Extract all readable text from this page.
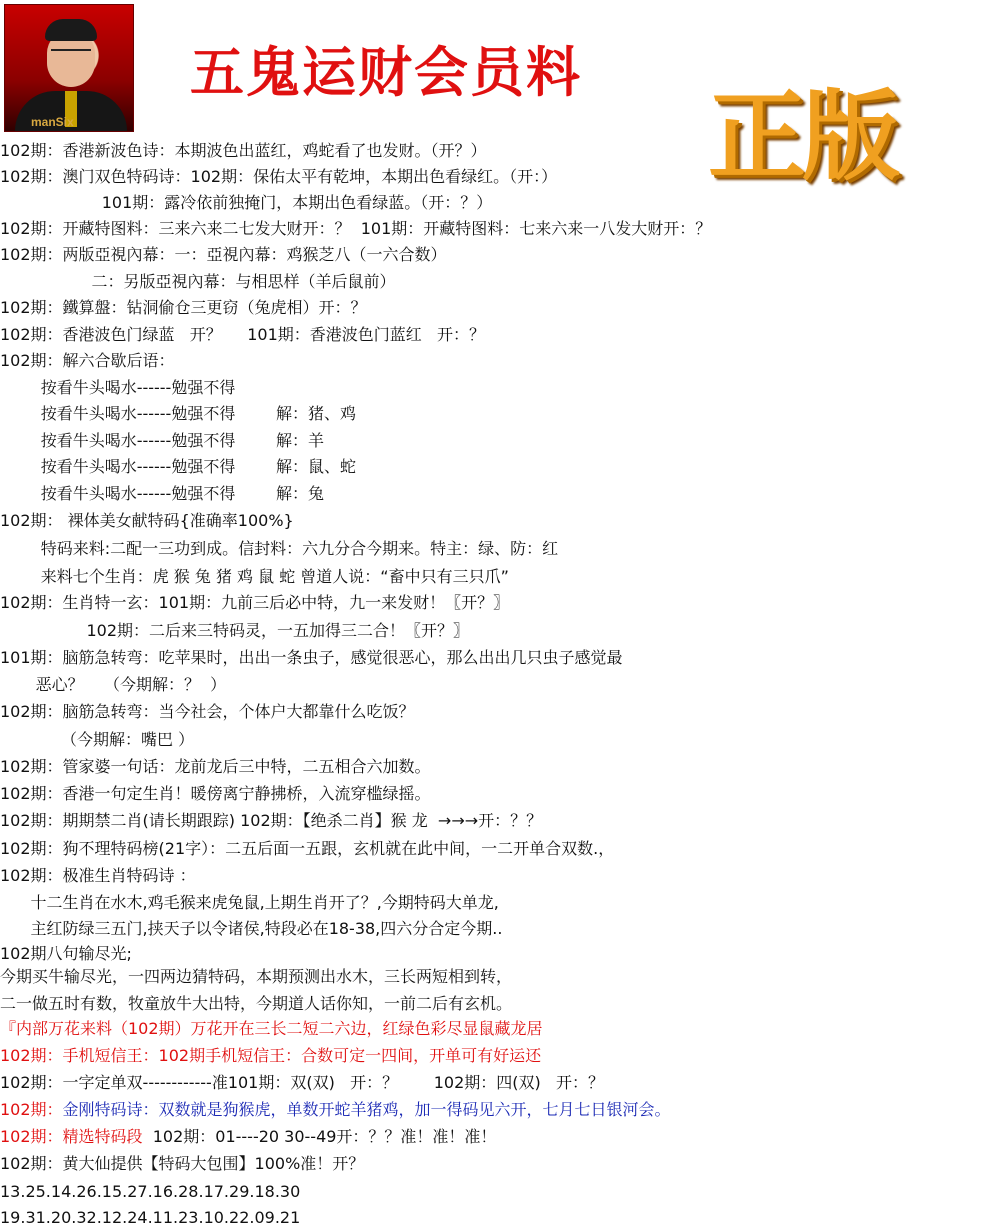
manSix
五鬼运财会员料
正版
102期：香港新波色诗：本期波色出蓝红，鸡蛇看了也发财。（开？）
102期：澳门双色特码诗：102期：保佑太平有乾坤，本期出色看绿红。（开：）
101期：露冷依前独掩门，本期出色看绿蓝。（开：？）
102期：开藏特图料：三来六来二七发大财开：？  101期：开藏特图料：七来六来一八发大财开：？
102期：两版亞視內幕：一：亞視內幕：鸡猴芝八（一六合数）
二：另版亞視內幕：与相思样（羊后鼠前）
102期：鐵算盤：钻洞偷仓三更窃（兔虎相）开：？
102期：香港波色门绿蓝   开？     101期：香港波色门蓝红   开：？
102期：解六合歇后语：
按看牛头喝水------勉强不得
按看牛头喝水------勉强不得        解：猪、鸡
按看牛头喝水------勉强不得        解：羊
按看牛头喝水------勉强不得        解：鼠、蛇
按看牛头喝水------勉强不得        解：兔
102期： 裸体美女献特码{准确率100%}
特码来料:二配一三功到成。信封料：六九分合今期来。特主：绿、防：红
来料七个生肖：虎 猴 兔 猪 鸡 鼠 蛇 曾道人说：“畜中只有三只爪”
102期：生肖特一玄：101期：九前三后必中特，九一来发财！〖开？〗
102期：二后来三特码灵，一五加得三二合！〖开？〗
101期：脑筋急转弯：吃苹果时，出出一条虫子，感觉很恶心，那么出出几只虫子感觉最
恶心？    （今期解：？  ）
102期：脑筋急转弯：当今社会，个体户大都靠什么吃饭？
（今期解：嘴巴 ）
102期：管家婆一句话：龙前龙后三中特，二五相合六加数。
102期：香港一句定生肖！暖傍离宁静拂桥，入流穿槛绿摇。
102期：期期禁二肖(请长期跟踪) 102期：【绝杀二肖】猴 龙  →→→开：？？
102期：狗不理特码榜(21字）：二五后面一五跟，玄机就在此中间，一二开单合双数.，
102期：极准生肖特码诗 ：
十二生肖在水木,鸡毛猴来虎兔鼠,上期生肖开了？,今期特码大单龙,
主红防绿三五门,挟天子以令诸侯,特段必在18-38,四六分合定今期..
102期八句输尽光;
今期买牛输尽光，一四两边猜特码，本期预测出水木，三长两短相到转，
二一做五时有数，牧童放牛大出特，今期道人话你知，一前二后有玄机。
『内部万花来料（102期）万花开在三长二短二六边，红绿色彩尽显鼠藏龙居
102期：手机短信王：102期手机短信王：合数可定一四间，开单可有好运还
102期：一字定单双------------准101期：双(双)   开：？       102期：四(双)   开：？
102期：金刚特码诗：双数就是狗猴虎，单数开蛇羊猪鸡，加一得码见六开，七月七日银河会。
102期：精选特码段  102期：01----20 30--49开：？？准！准！准！
102期：黄大仙提供【特码大包围】100%准！开？
13.25.14.26.15.27.16.28.17.29.18.30
19.31.20.32.12.24.11.23.10.22.09.21
